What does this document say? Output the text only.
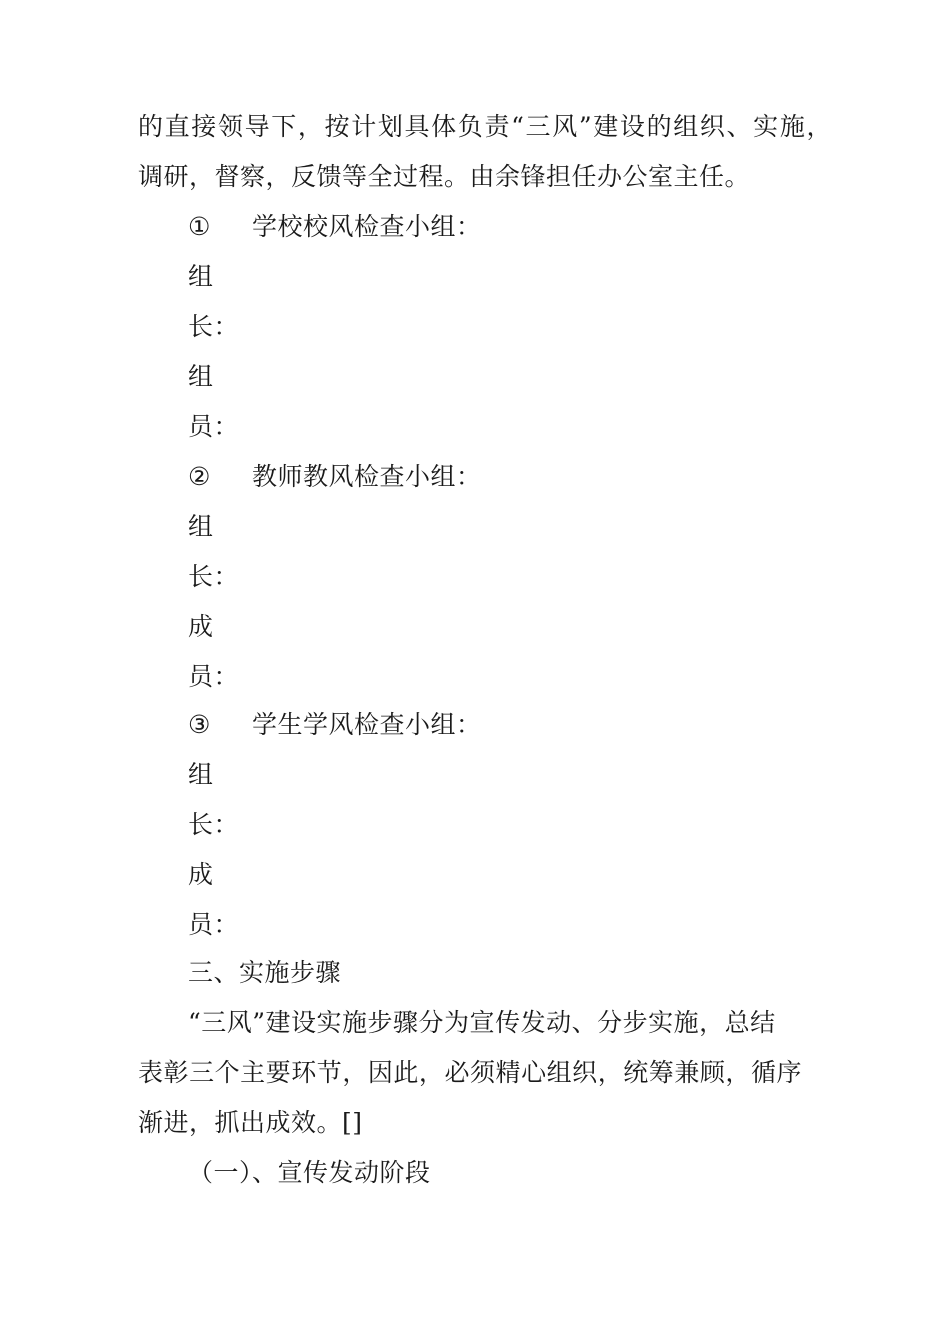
的直接领导下，按计划具体负责“三风”建设的组织、实施，
调研，督察，反馈等全过程。由余锋担任办公室主任。
① 学校校风检查小组：
组
长：
组
员：
② 教师教风检查小组：
组
长：
成
员：
③ 学生学风检查小组：
组
长：
成
员：
三、实施步骤
“三风”建设实施步骤分为宣传发动、分步实施，总结
表彰三个主要环节，因此，必须精心组织，统筹兼顾，循序
渐进，抓出成效。[]
（一）、宣传发动阶段
